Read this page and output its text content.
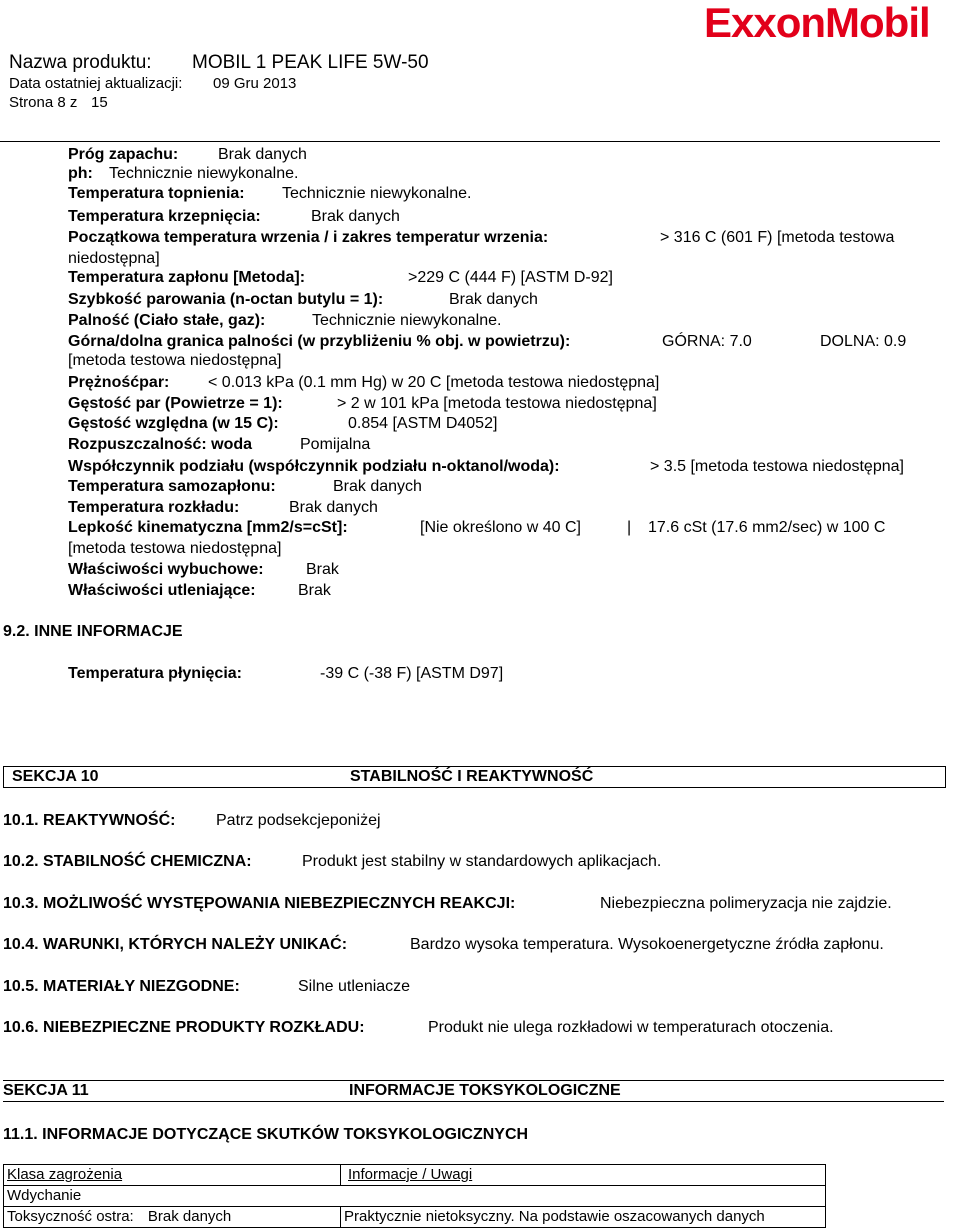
Nazwa produktu: MOBIL 1 PEAK LIFE 5W-50
Data ostatniej aktualizacji: 09 Gru 2013
Strona 8 z 15
ExxonMobil
Próg zapachu: Brak danych
ph: Technicznie niewykonalne.
Temperatura topnienia: Technicznie niewykonalne.
Temperatura krzepnięcia:	Brak danych
Początkowa temperatura wrzenia / i zakres temperatur wrzenia:	> 316 C (601 F) [metoda testowa
niedostępna]
Temperatura zapłonu [Metoda]:	>229 C (444 F) [ASTM D-92]
Szybkość parowania (n-octan butylu = 1):	Brak danych
Palność (Ciało stałe, gaz):	Technicznie niewykonalne.
Górna/dolna granica palności (w przybliżeniu % obj. w powietrzu):	GÓRNA: 7.0	DOLNA: 0.9
[metoda testowa niedostępna]
Prężnośćpar: < 0.013 kPa (0.1 mm Hg) w 20 C [metoda testowa niedostępna]
Gęstość par (Powietrze = 1):	> 2 w 101 kPa [metoda testowa niedostępna]
Gęstość względna (w 15 C):	0.854 [ASTM D4052]
Rozpuszczalność: woda	Pomijalna
Współczynnik podziału (współczynnik podziału n-oktanol/woda):	> 3.5 [metoda testowa niedostępna]
Temperatura samozapłonu:	Brak danych
Temperatura rozkładu:	Brak danych
Lepkość kinematyczna [mm2/s=cSt]:	[Nie określono w 40 C]	| 17.6 cSt (17.6 mm2/sec) w 100 C
[metoda testowa niedostępna]
Właściwości wybuchowe:	Brak
Właściwości utleniające:	Brak
9.2. INNE INFORMACJE
Temperatura płynięcia:	-39 C (-38 F) [ASTM D97]
SEKCJA 10	STABILNOŚĆ I REAKTYWNOŚĆ
10.1. REAKTYWNOŚĆ:	Patrz podsekcjeponiżej
10.2. STABILNOŚĆ CHEMICZNA:	Produkt jest stabilny w standardowych aplikacjach.
10.3. MOŻLIWOŚĆ WYSTĘPOWANIA NIEBEZPIECZNYCH REAKCJI:	Niebezpieczna polimeryzacja nie zajdzie.
10.4. WARUNKI, KTÓRYCH NALEŻY UNIKAĆ:	Bardzo wysoka temperatura. Wysokoenergetyczne źródła zapłonu.
10.5. MATERIAŁY NIEZGODNE:	Silne utleniacze
10.6. NIEBEZPIECZNE PRODUKTY ROZKŁADU:	Produkt nie ulega rozkładowi w temperaturach otoczenia.
SEKCJA 11	INFORMACJE TOKSYKOLOGICZNE
11.1. INFORMACJE DOTYCZĄCE SKUTKÓW TOKSYKOLOGICZNYCH
Klasa zagrożenia	Informacje / Uwagi
Wdychanie	
Toksyczność ostra: Brak danych	Praktycznie nietoksyczny. Na podstawie oszacowanych danych
